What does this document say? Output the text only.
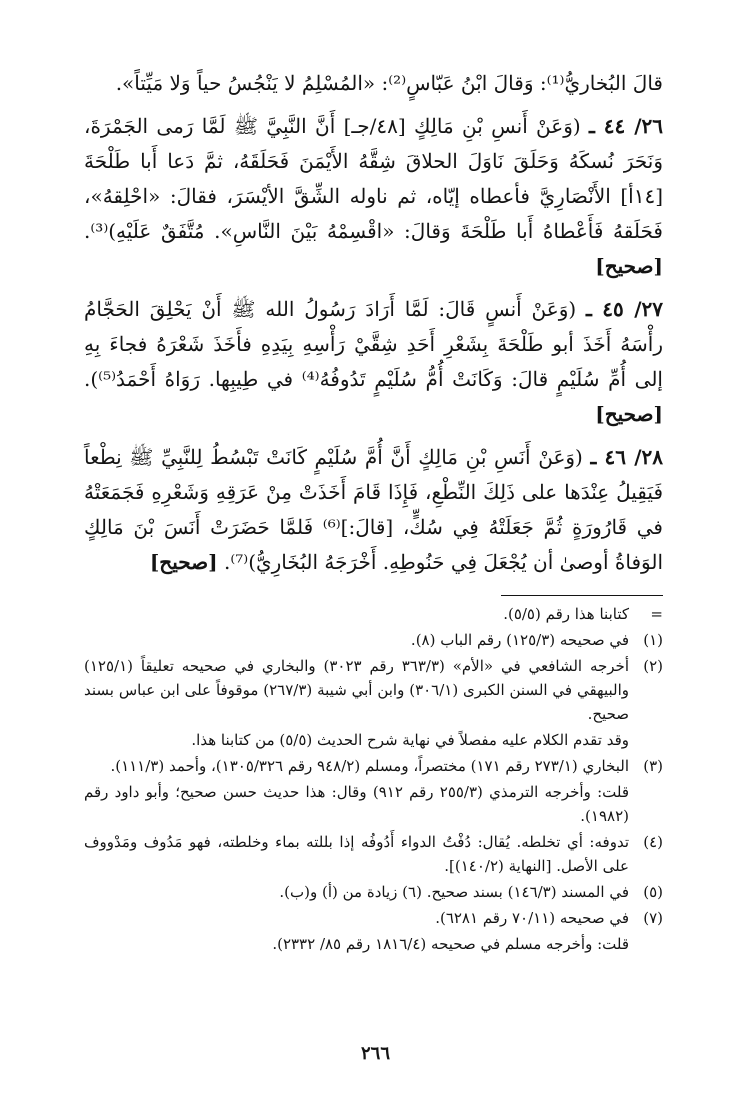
قالَ البُخاريُّ⁽¹⁾: وَقالَ ابْنُ عَبّاسٍ⁽²⁾: «المُسْلِمُ لا يَنْجُسُ حياً وَلا مَيِّتاً».

٢٦/ ٤٤ ـ (وَعَنْ أَنسِ بْنِ مَالِكٍ [٤٨/جـ] أَنَّ النَّبِيَّ ﷺ لَمَّا رَمى الجَمْرَةَ، وَنَحَرَ نُسكَهُ وَحَلَقَ نَاوَلَ الحلاقَ شِقَّهُ الأَيْمَنَ فَحَلَقَهُ، ثمَّ دَعا أَبا طَلْحَةَ [١٤أ] الأَنْصَارِيَّ فأعطاه إيّاه، ثم ناوله الشِّقَّ الأيْسَرَ، فقالَ: «احْلِقهُ»، فَحَلَقهُ فَأَعْطاهُ أَبا طَلْحَةَ وَقالَ: «اقْسِمْهُ بَيْنَ النَّاسِ». مُتَّفَقٌ عَلَيْهِ)⁽³⁾. [صحيح]

٢٧/ ٤٥ ـ (وَعَنْ أَنسٍ قَالَ: لَمَّا أَرَادَ رَسُولُ الله ﷺ أَنْ يَحْلِقَ الحَجَّامُ رأْسَهُ أَخَذَ أبو طَلْحَةَ بِشَعْرِ أَحَدِ شِقَّيْ رَأْسِهِ بِيَدِهِ فأَخَذَ شَعْرَهُ فجاءَ بِهِ إلى أُمِّ سُلَيْمٍ قالَ: وَكَانَتْ أُمُّ سُلَيْمٍ تَدُوفُهُ⁽⁴⁾ في طِيبِها. رَوَاهُ أَحْمَدُ⁽⁵⁾). [صحيح]

٢٨/ ٤٦ ـ (وَعَنْ أَنَسِ بْنِ مَالِكٍ أَنَّ أُمَّ سُلَيْمٍ كَانَتْ تَبْسُطُ لِلنَّبِيِّ ﷺ نِطْعاً فَيَقِيلُ عِنْدَها على ذَلِكَ النِّطْعِ، فَإِذَا قَامَ أَخَذَتْ مِنْ عَرَقِهِ وَشَعْرِهِ فَجَمَعَتْهُ في قَارُورَةٍ ثُمَّ جَعَلَتْهُ فِي سُكٍّ، [قالَ:]⁽⁶⁾ فَلمَّا حَضَرَتْ أَنَسَ بْنَ مَالِكٍ الوَفاةُ أوصىٰ أن يُجْعَلَ فِي حَنُوطِهِ. أَخْرَجَهُ البُخَارِيُّ)⁽⁷⁾. [صحيح]

=

كتابنا هذا رقم (٥/٥).

(١)

في صحيحه (١٢٥/٣) رقم الباب (٨).

(٢)

أخرجه الشافعي في «الأم» (٣٦٣/٣ رقم ٣٠٢٣) والبخاري في صحيحه تعليقاً (١٢٥/١) والبيهقي في السنن الكبرى (٣٠٦/١) وابن أبي شيبة (٢٦٧/٣) موقوفاً على ابن عباس بسند صحيح.

وقد تقدم الكلام عليه مفصلاً في نهاية شرح الحديث (٥/٥) من كتابنا هذا.

(٣)

البخاري (٢٧٣/١ رقم ١٧١) مختصراً، ومسلم (٩٤٨/٢ رقم ١٣٠٥/٣٢٦)، وأحمد (١١١/٣).

قلت: وأخرجه الترمذي (٢٥٥/٣ رقم ٩١٢) وقال: هذا حديث حسن صحيح؛ وأبو داود رقم (١٩٨٢).

(٤)

تدوفه: أي تخلطه. يُقال: دُفْتُ الدواء أَدُوفُه إذا بللته بماء وخلطته، فهو مَدُوف ومَدْووف على الأصل. [النهاية (١٤٠/٢)].

(٥)

في المسند (١٤٦/٣) بسند صحيح. (٦) زيادة من (أ) و(ب).

(٧)

في صحيحه (٧٠/١١ رقم ٦٢٨١).

قلت: وأخرجه مسلم في صحيحه (١٨١٦/٤ رقم ٨٥/ ٢٣٣٢).

٢٦٦
